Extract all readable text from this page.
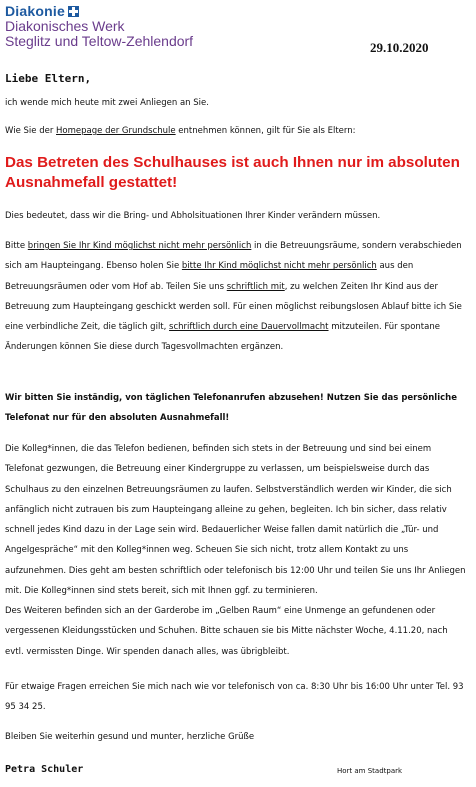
Diakonie
Diakonisches Werk
Steglitz und Teltow-Zehlendorf	29.10.2020
Liebe Eltern,

ich wende mich heute mit zwei Anliegen an Sie.

Wie Sie der Homepage der Grundschule entnehmen können, gilt für Sie als Eltern:

Das Betreten des Schulhauses ist auch Ihnen nur im absoluten Ausnahmefall gestattet!

Dies bedeutet, dass wir die Bring- und Abholsituationen Ihrer Kinder verändern müssen.

Bitte bringen Sie Ihr Kind möglichst nicht mehr persönlich in die Betreuungsräume, sondern verabschieden sich am Haupteingang. Ebenso holen Sie bitte Ihr Kind möglichst nicht mehr persönlich aus den Betreuungsräumen oder vom Hof ab. Teilen Sie uns schriftlich mit, zu welchen Zeiten Ihr Kind aus der Betreuung zum Haupteingang geschickt werden soll. Für einen möglichst reibungslosen Ablauf bitte ich Sie eine verbindliche Zeit, die täglich gilt, schriftlich durch eine Dauervollmacht mitzuteilen. Für spontane Änderungen können Sie diese durch Tagesvollmachten ergänzen.

Wir bitten Sie inständig, von täglichen Telefonanrufen abzusehen! Nutzen Sie das persönliche Telefonat nur für den absoluten Ausnahmefall!

Die Kolleg*innen, die das Telefon bedienen, befinden sich stets in der Betreuung und sind bei einem Telefonat gezwungen, die Betreuung einer Kindergruppe zu verlassen, um beispielsweise durch das Schulhaus zu den einzelnen Betreuungsräumen zu laufen. Selbstverständlich werden wir Kinder, die sich anfänglich nicht zutrauen bis zum Haupteingang alleine zu gehen, begleiten. Ich bin sicher, dass relativ schnell jedes Kind dazu in der Lage sein wird. Bedauerlicher Weise fallen damit natürlich die „Tür- und Angelgespräche“ mit den Kolleg*innen weg. Scheuen Sie sich nicht, trotz allem Kontakt zu uns aufzunehmen. Dies geht am besten schriftlich oder telefonisch bis 12:00 Uhr und teilen Sie uns Ihr Anliegen mit. Die Kolleg*innen sind stets bereit, sich mit Ihnen ggf. zu terminieren.

Des Weiteren befinden sich an der Garderobe im „Gelben Raum“ eine Unmenge an gefundenen oder vergessenen Kleidungsstücken und Schuhen. Bitte schauen sie bis Mitte nächster Woche, 4.11.20, nach evtl. vermissten Dinge. Wir spenden danach alles, was übrigbleibt.

Für etwaige Fragen erreichen Sie mich nach wie vor telefonisch von ca. 8:30 Uhr bis 16:00 Uhr unter Tel. 93 95 34 25.

Bleiben Sie weiterhin gesund und munter, herzliche Grüße

Petra Schuler	Hort am Stadtpark
